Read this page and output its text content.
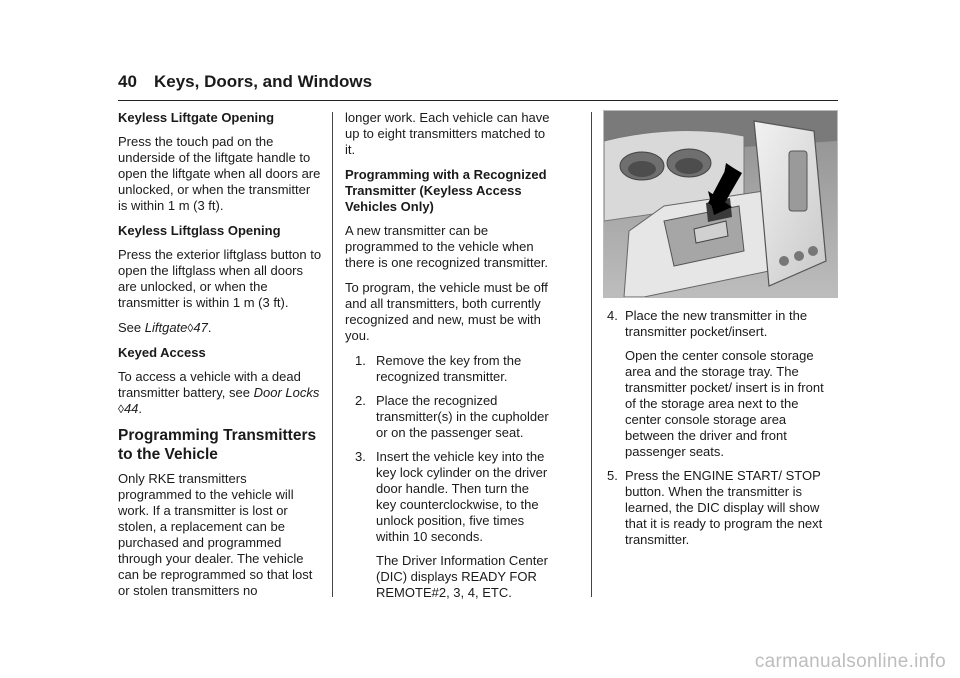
40 Keys, Doors, and Windows
Keyless Liftgate Opening

Press the touch pad on the underside of the liftgate handle to open the liftgate when all doors are unlocked, or when the transmitter is within 1 m (3 ft).

Keyless Liftglass Opening

Press the exterior liftglass button to open the liftglass when all doors are unlocked, or when the transmitter is within 1 m (3 ft).

See Liftgate◊47.

Keyed Access

To access a vehicle with a dead transmitter battery, see Door Locks
◊44.

Programming Transmitters to the Vehicle

Only RKE transmitters programmed to the vehicle will work. If a transmitter is lost or stolen, a replacement can be purchased and programmed through your dealer. The vehicle can be reprogrammed so that lost or stolen transmitters no

longer work. Each vehicle can have up to eight transmitters matched to it.

Programming with a Recognized Transmitter (Keyless Access Vehicles Only)

A new transmitter can be programmed to the vehicle when there is one recognized transmitter.

To program, the vehicle must be off and all transmitters, both currently recognized and new, must be with you.

1. Remove the key from the recognized transmitter.
2. Place the recognized transmitter(s) in the cupholder or on the passenger seat.
3. Insert the vehicle key into the key lock cylinder on the driver door handle. Then turn the key counterclockwise, to the unlock position, five times within 10 seconds.
The Driver Information Center (DIC) displays READY FOR REMOTE#2, 3, 4, ETC.
4. Place the new transmitter in the transmitter pocket/insert.
Open the center console storage area and the storage tray. The transmitter pocket/ insert is in front of the storage area next to the center console storage area between the driver and front passenger seats.
5. Press the ENGINE START/ STOP button. When the transmitter is learned, the DIC display will show that it is ready to program the next transmitter.
carmanualsonline.info
